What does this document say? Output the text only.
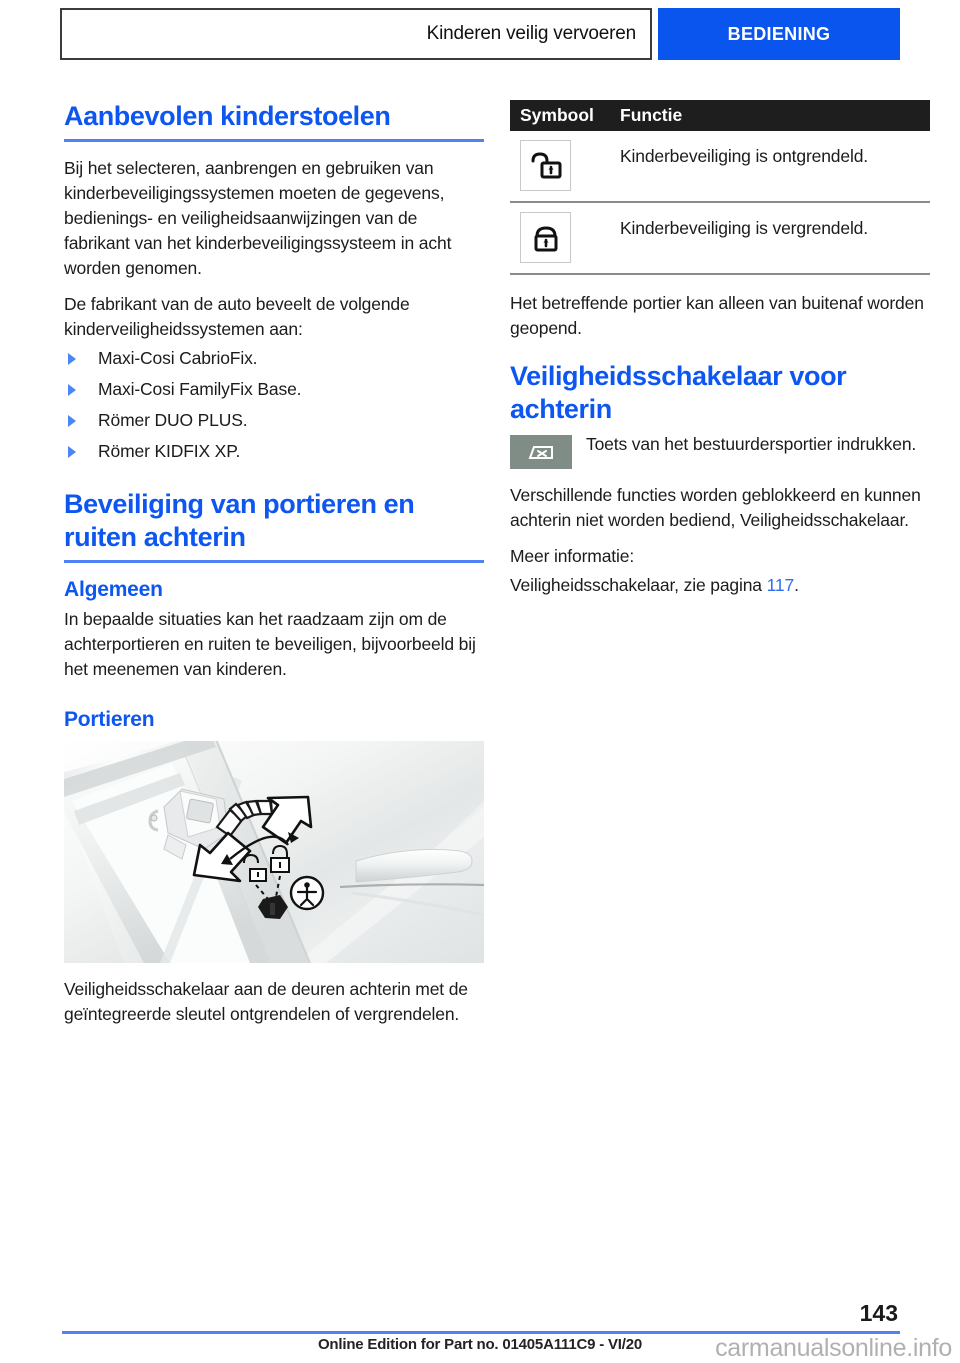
Kinderen veilig vervoeren	BEDIENING
Aanbevolen kinderstoelen

Bij het selecteren, aanbrengen en gebruiken van kinderbeveiligingssystemen moeten de gegevens, bedienings- en veiligheidsaanwijzingen van de fabrikant van het kinderbeveiligingssysteem in acht worden genomen.

De fabrikant van de auto beveelt de volgende kinderveiligheidssystemen aan:

Maxi-Cosi CabrioFix.
Maxi-Cosi FamilyFix Base.
Römer DUO PLUS.
Römer KIDFIX XP.
Beveiliging van portieren en ruiten achterin
Algemeen

In bepaalde situaties kan het raadzaam zijn om de achterportieren en ruiten te beveiligen, bijvoorbeeld bij het meenemen van kinderen.

Portieren

Veiligheidsschakelaar aan de deuren achterin met de geïntegreerde sleutel ontgrendelen of vergrendelen.

Symbool	Functie
Kinderbeveiliging is ontgrendeld.
Kinderbeveiliging is vergrendeld.

Het betreffende portier kan alleen van buitenaf worden geopend.

Veiligheidsschakelaar voor achterin
Toets van het bestuurdersportier indrukken.

Verschillende functies worden geblokkeerd en kunnen achterin niet worden bediend, Veiligheidsschakelaar.

Meer informatie:

Veiligheidsschakelaar, zie pagina 117.

143
Online Edition for Part no. 01405A111C9 - VI/20	carmanualsonline.info
